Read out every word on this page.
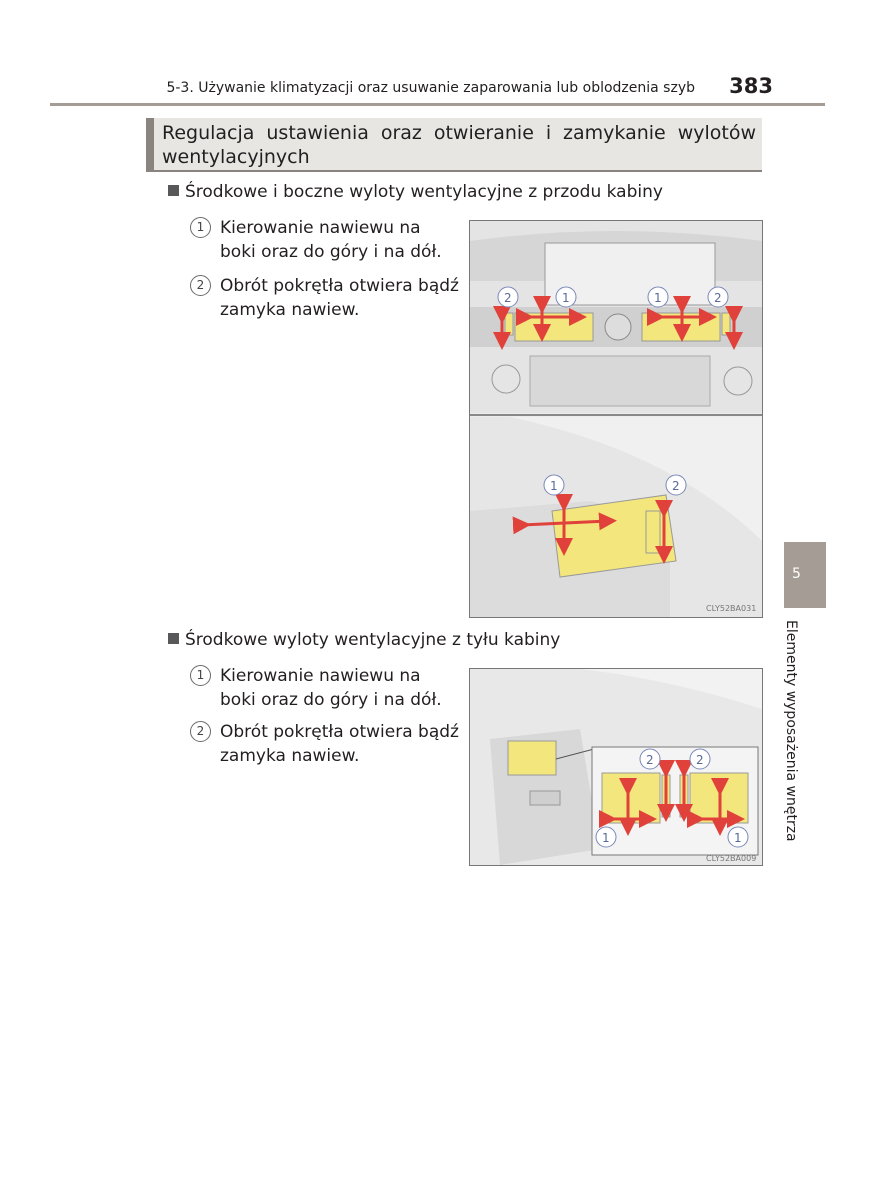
5-3. Używanie klimatyzacji oraz usuwanie zaparowania lub oblodzenia szyb 383
Regulacja ustawienia oraz otwieranie i zamykanie wylotów wentylacyjnych
Środkowe i boczne wyloty wentylacyjne z przodu kabiny
1 Kierowanie nawiewu na boki oraz do góry i na dół.
2 Obrót pokrętła otwiera bądź zamyka nawiew.
2	1	1	2
1	2
CLY52BA031
Środkowe wyloty wentylacyjne z tyłu kabiny
1 Kierowanie nawiewu na boki oraz do góry i na dół.
2 Obrót pokrętła otwiera bądź zamyka nawiew.	2	2
1	1
CLY52BA009
5
Elementy wyposażenia wnętrza
